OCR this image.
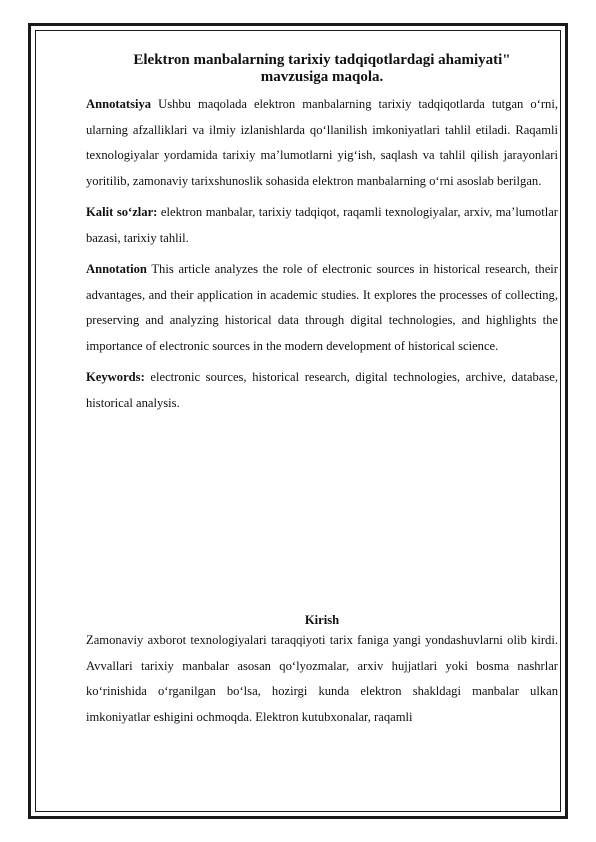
Elektron manbalarning tarixiy tadqiqotlardagi ahamiyati" mavzusiga maqola.

Annotatsiya Ushbu maqolada elektron manbalarning tarixiy tadqiqotlarda tutgan o‘rni, ularning afzalliklari va ilmiy izlanishlarda qo‘llanilish imkoniyatlari tahlil etiladi. Raqamli texnologiyalar yordamida tarixiy ma’lumotlarni yig‘ish, saqlash va tahlil qilish jarayonlari yoritilib, zamonaviy tarixshunoslik sohasida elektron manbalarning o‘rni asoslab berilgan.

Kalit so‘zlar: elektron manbalar, tarixiy tadqiqot, raqamli texnologiyalar, arxiv, ma’lumotlar bazasi, tarixiy tahlil.

Annotation This article analyzes the role of electronic sources in historical research, their advantages, and their application in academic studies. It explores the processes of collecting, preserving and analyzing historical data through digital technologies, and highlights the importance of electronic sources in the modern development of historical science.

Keywords: electronic sources, historical research, digital technologies, archive, database, historical analysis.

Kirish

Zamonaviy axborot texnologiyalari taraqqiyoti tarix faniga yangi yondashuvlarni olib kirdi. Avvallari tarixiy manbalar asosan qo‘lyozmalar, arxiv hujjatlari yoki bosma nashrlar ko‘rinishida o‘rganilgan bo‘lsa, hozirgi kunda elektron shakldagi manbalar ulkan imkoniyatlar eshigini ochmoqda. Elektron kutubxonalar, raqamli
